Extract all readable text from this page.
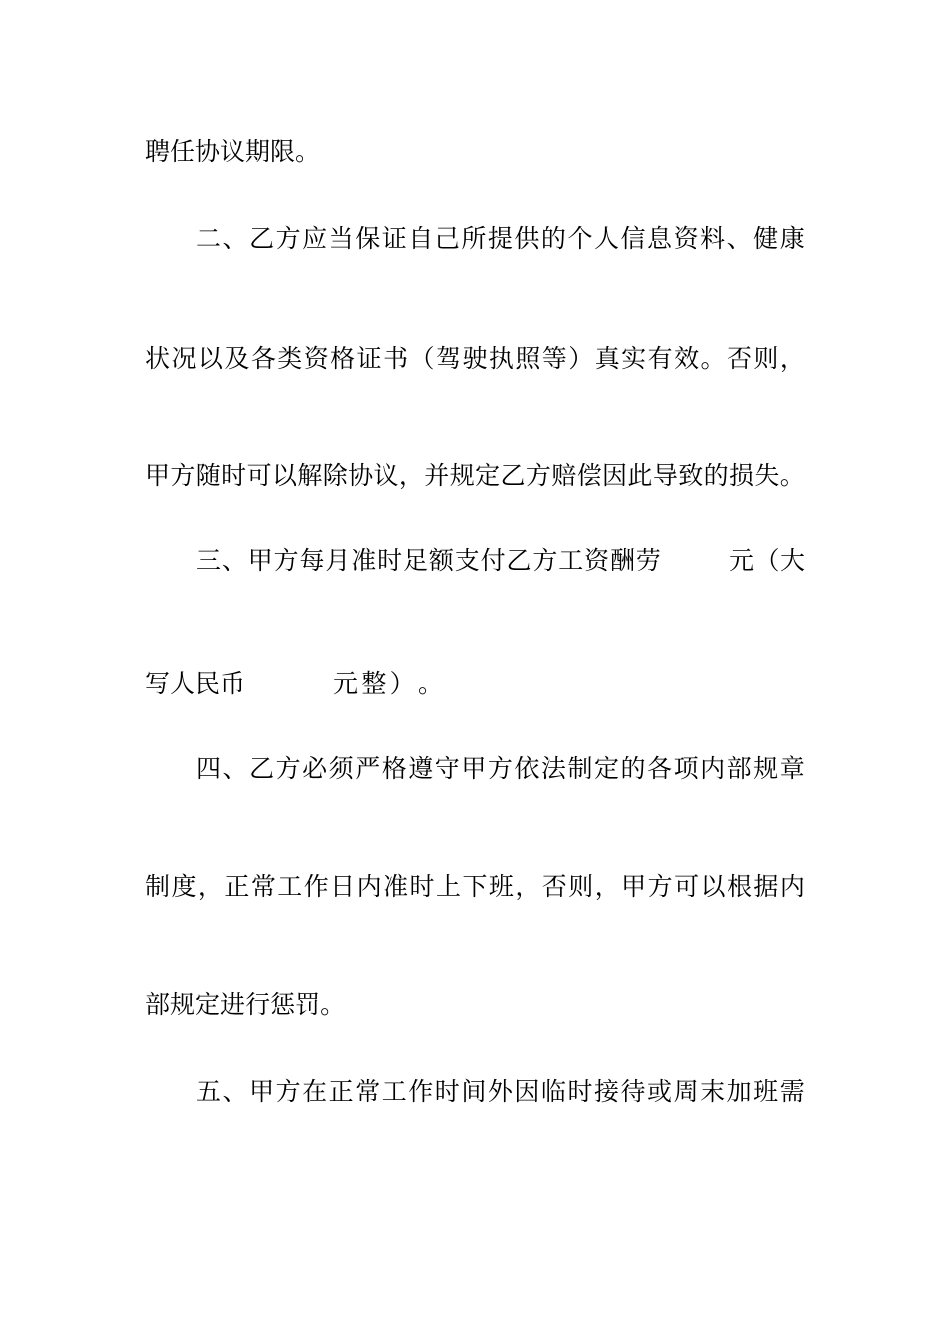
聘任协议期限。
二 、 乙 方 应 当 保 证 自 己 所 提 供 的 个 人 信 息 资 料 、 健 康
状 况 以 及 各 类 资 格 证 书 （ 驾 驶 执 照 等 ） 真 实 有 效 。 否 则 ，
甲 方 随 时 可 以 解 除 协 议 ， 并 规 定 乙 方 赔 偿 因 此 导 致 的 损 失 。
三 、 甲 方 每 月 准 时 足 额 支 付 乙 方 工 资 酬 劳	元 （ 大
写 人 民 币	元 整 ） 。
四 、 乙 方 必 须 严 格 遵 守 甲 方 依 法 制 定 的 各 项 内 部 规 章
制 度 ， 正 常 工 作 日 内 准 时 上 下 班 ， 否 则 ， 甲 方 可 以 根 据 内
部 规 定 进 行 惩 罚 。
五 、 甲 方 在 正 常 工 作 时 间 外 因 临 时 接 待 或 周 末 加 班 需
